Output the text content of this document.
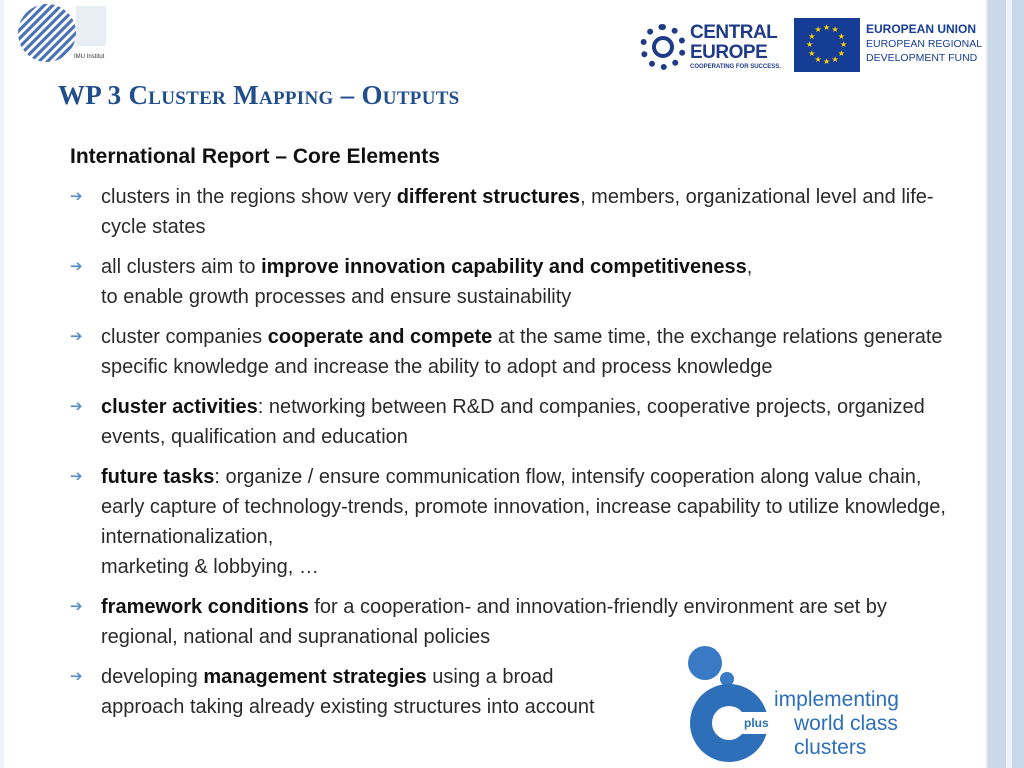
IMU Institut
CENTRAL
EUROPE
COOPERATING FOR SUCCESS.
★
★
★
★
★
★
★
★
★ ★ ★
★ EUROPEAN UNION
EUROPEAN REGIONAL
DEVELOPMENT FUND
WP 3 Cluster Mapping – Outputs
International Report – Core Elements
➔ clusters in the regions show very different structures, members, organizational level and life-cycle states
➔ all clusters aim to improve innovation capability and competitiveness,
to enable growth processes and ensure sustainability
➔ cluster companies cooperate and compete at the same time, the exchange relations generate specific knowledge and increase the ability to adopt and process knowledge
➔ cluster activities: networking between R&D and companies, cooperative projects, organized events, qualification and education
➔ future tasks: organize / ensure communication flow, intensify cooperation along value chain, early capture of technology-trends, promote innovation, increase capability to utilize knowledge, internationalization,
marketing & lobbying, …
➔ framework conditions for a cooperation- and innovation-friendly environment are set by regional, national and supranational policies
➔ developing management strategies using a broad
approach taking already existing structures into account
plus
implementing
world class clusters
